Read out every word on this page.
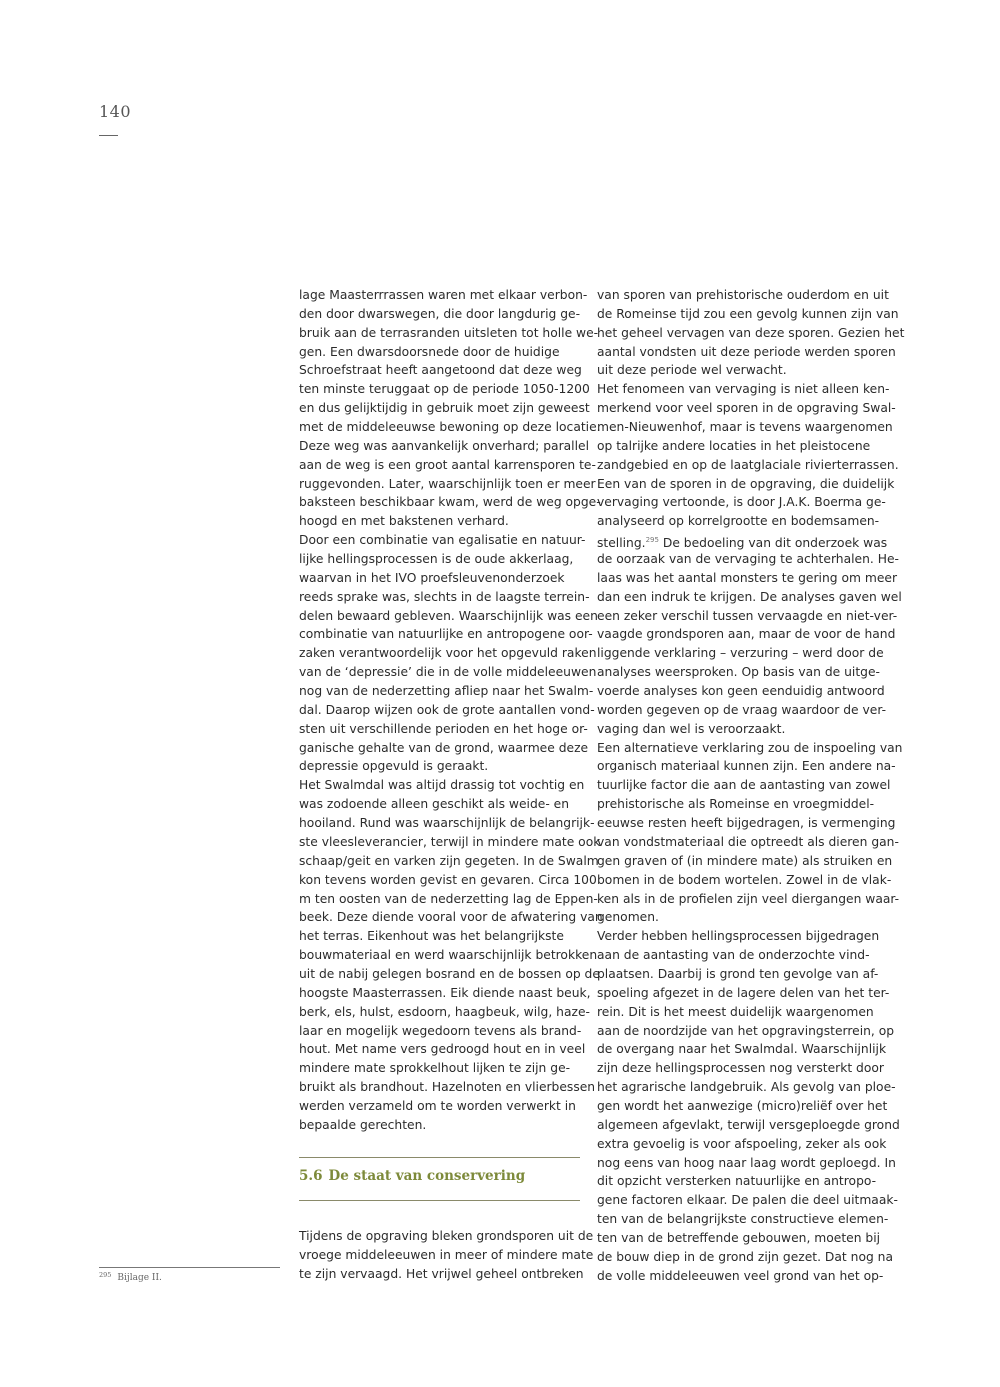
140
lage Maasterrrassen waren met elkaar verbon-
den door dwarswegen, die door langdurig ge-
bruik aan de terrasranden uitsleten tot holle we-
gen. Een dwarsdoorsnede door de huidige
Schroefstraat heeft aangetoond dat deze weg
ten minste teruggaat op de periode 1050-1200
en dus gelijktijdig in gebruik moet zijn geweest
met de middeleeuwse bewoning op deze locatie.
Deze weg was aanvankelijk onverhard; parallel
aan de weg is een groot aantal karrensporen te-
ruggevonden. Later, waarschijnlijk toen er meer
baksteen beschikbaar kwam, werd de weg opge-
hoogd en met bakstenen verhard.
Door een combinatie van egalisatie en natuur-
lijke hellingsprocessen is de oude akkerlaag,
waarvan in het IVO proefsleuvenonderzoek
reeds sprake was, slechts in de laagste terrein-
delen bewaard gebleven. Waarschijnlijk was een
combinatie van natuurlijke en antropogene oor-
zaken verantwoordelijk voor het opgevuld raken
van de ‘depressie’ die in de volle middeleeuwen
nog van de nederzetting afliep naar het Swalm-
dal. Daarop wijzen ook de grote aantallen vond-
sten uit verschillende perioden en het hoge or-
ganische gehalte van de grond, waarmee deze
depressie opgevuld is geraakt.
Het Swalmdal was altijd drassig tot vochtig en
was zodoende alleen geschikt als weide- en
hooiland. Rund was waarschijnlijk de belangrijk-
ste vleesleverancier, terwijl in mindere mate ook
schaap/geit en varken zijn gegeten. In de Swalm
kon tevens worden gevist en gevaren. Circa 100
m ten oosten van de nederzetting lag de Eppen-
beek. Deze diende vooral voor de afwatering van
het terras. Eikenhout was het belangrijkste
bouwmateriaal en werd waarschijnlijk betrokken
uit de nabij gelegen bosrand en de bossen op de
hoogste Maasterrassen. Eik diende naast beuk,
berk, els, hulst, esdoorn, haagbeuk, wilg, haze-
laar en mogelijk wegedoorn tevens als brand-
hout. Met name vers gedroogd hout en in veel
mindere mate sprokkelhout lijken te zijn ge-
bruikt als brandhout. Hazelnoten en vlierbessen
werden verzameld om te worden verwerkt in
bepaalde gerechten.
5.6 De staat van conservering
Tijdens de opgraving bleken grondsporen uit de
vroege middeleeuwen in meer of mindere mate
te zijn vervaagd. Het vrijwel geheel ontbreken
van sporen van prehistorische ouderdom en uit
de Romeinse tijd zou een gevolg kunnen zijn van
het geheel vervagen van deze sporen. Gezien het
aantal vondsten uit deze periode werden sporen
uit deze periode wel verwacht.
Het fenomeen van vervaging is niet alleen ken-
merkend voor veel sporen in de opgraving Swal-
men-Nieuwenhof, maar is tevens waargenomen
op talrijke andere locaties in het pleistocene
zandgebied en op de laatglaciale rivierterrassen.
Een van de sporen in de opgraving, die duidelijk
vervaging vertoonde, is door J.A.K. Boerma ge-
analyseerd op korrelgrootte en bodemsamen-
stelling.$^{295}$ De bedoeling van dit onderzoek was
de oorzaak van de vervaging te achterhalen. He-
laas was het aantal monsters te gering om meer
dan een indruk te krijgen. De analyses gaven wel
een zeker verschil tussen vervaagde en niet-ver-
vaagde grondsporen aan, maar de voor de hand
liggende verklaring – verzuring – werd door de
analyses weersproken. Op basis van de uitge-
voerde analyses kon geen eenduidig antwoord
worden gegeven op de vraag waardoor de ver-
vaging dan wel is veroorzaakt.
Een alternatieve verklaring zou de inspoeling van
organisch materiaal kunnen zijn. Een andere na-
tuurlijke factor die aan de aantasting van zowel
prehistorische als Romeinse en vroegmiddel-
eeuwse resten heeft bijgedragen, is vermenging
van vondstmateriaal die optreedt als dieren gan-
gen graven of (in mindere mate) als struiken en
bomen in de bodem wortelen. Zowel in de vlak-
ken als in de profielen zijn veel diergangen waar-
genomen.
Verder hebben hellingsprocessen bijgedragen
aan de aantasting van de onderzochte vind-
plaatsen. Daarbij is grond ten gevolge van af-
spoeling afgezet in de lagere delen van het ter-
rein. Dit is het meest duidelijk waargenomen
aan de noordzijde van het opgravingsterrein, op
de overgang naar het Swalmdal. Waarschijnlijk
zijn deze hellingsprocessen nog versterkt door
het agrarische landgebruik. Als gevolg van ploe-
gen wordt het aanwezige (micro)reliëf over het
algemeen afgevlakt, terwijl versgeploegde grond
extra gevoelig is voor afspoeling, zeker als ook
nog eens van hoog naar laag wordt geploegd. In
dit opzicht versterken natuurlijke en antropo-
gene factoren elkaar. De palen die deel uitmaak-
ten van de belangrijkste constructieve elemen-
ten van de betreffende gebouwen, moeten bij
de bouw diep in de grond zijn gezet. Dat nog na
de volle middeleeuwen veel grond van het op-
$^{295}$ Bijlage II.
